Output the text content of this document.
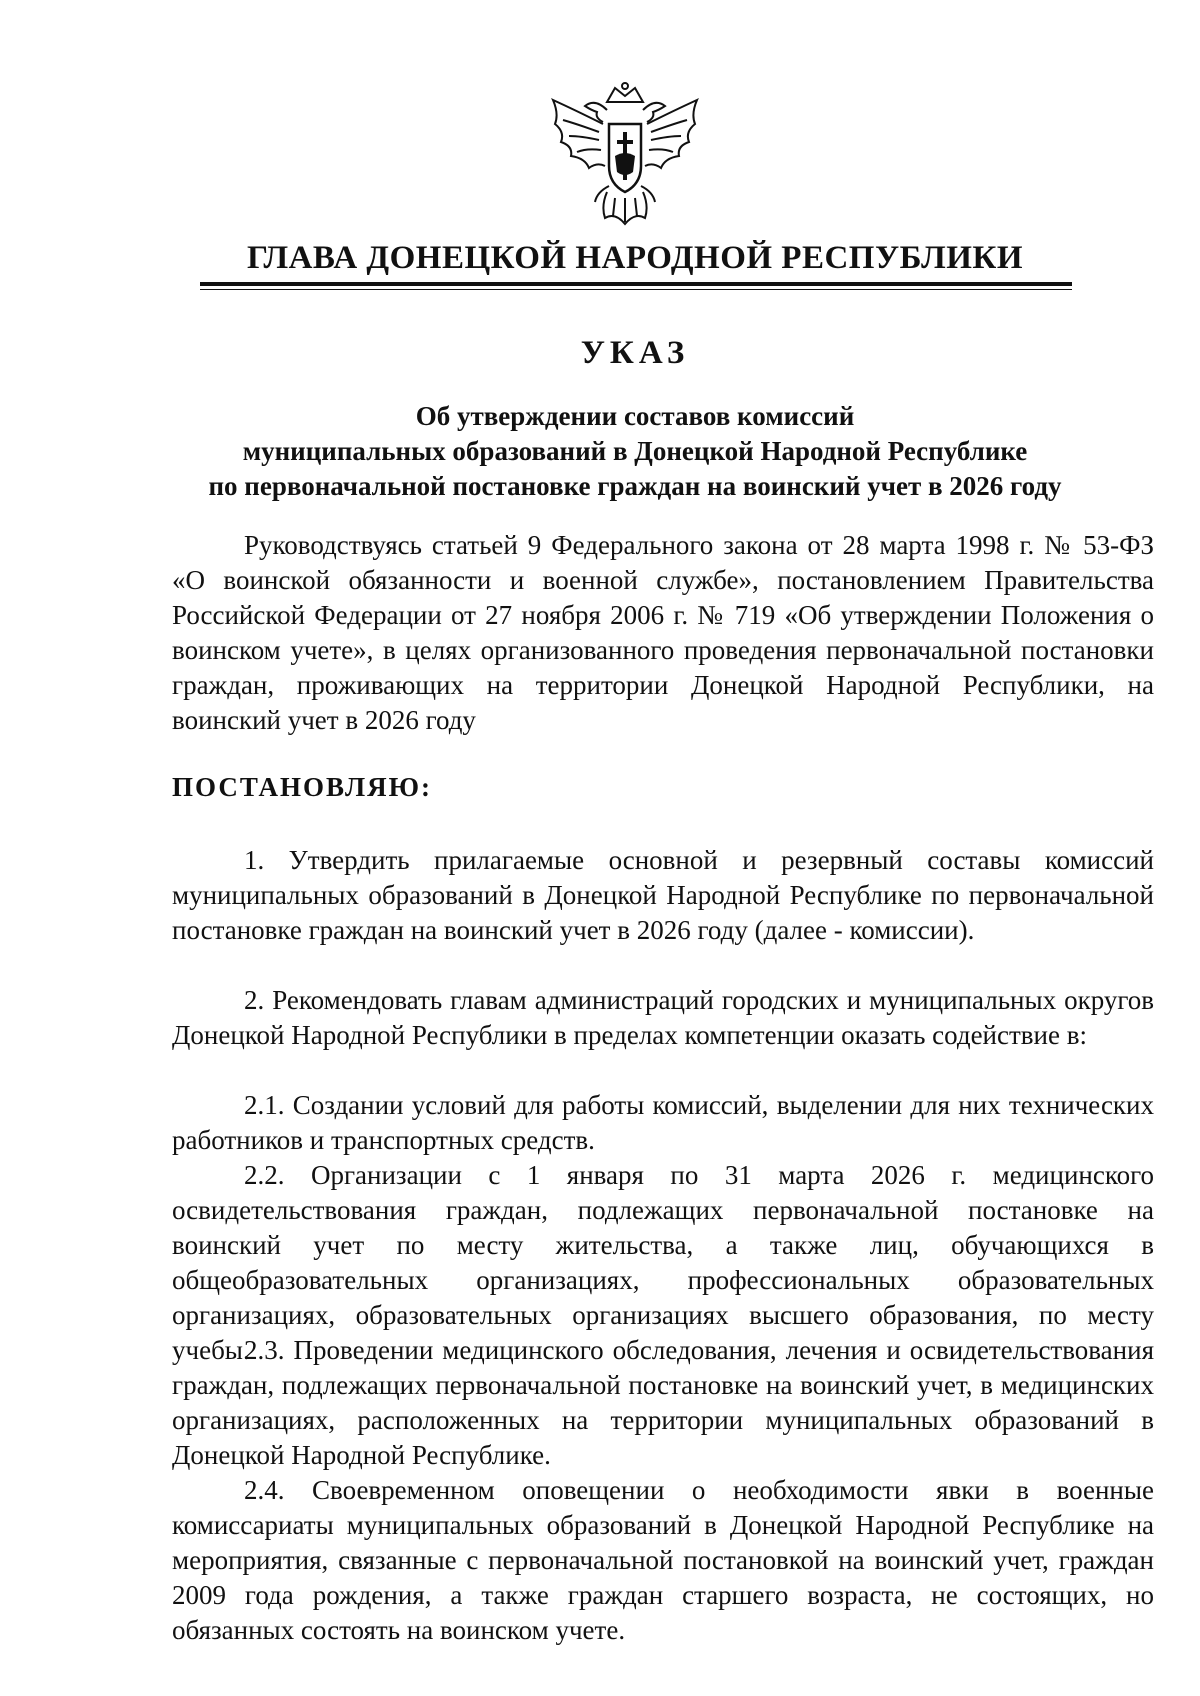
ГЛАВА ДОНЕЦКОЙ НАРОДНОЙ РЕСПУБЛИКИ
УКАЗ
Об утверждении составов комиссий
муниципальных образований в Донецкой Народной Республике
по первоначальной постановке граждан на воинский учет в 2026 году

Руководствуясь статьей 9 Федерального закона от 28 марта 1998 г. № 53-ФЗ «О воинской обязанности и военной службе», постановлением Правительства Российской Федерации от 27 ноября 2006 г. № 719 «Об утверждении Положения о воинском учете», в целях организованного проведения первоначальной постановки граждан, проживающих на территории Донецкой Народной Республики, на воинский учет в 2026 году

ПОСТАНОВЛЯЮ:

1. Утвердить прилагаемые основной и резервный составы комиссий муниципальных образований в Донецкой Народной Республике по первоначальной постановке граждан на воинский учет в 2026 году (далее - комиссии).

2. Рекомендовать главам администраций городских и муниципальных округов Донецкой Народной Республики в пределах компетенции оказать содействие в:

2.1. Создании условий для работы комиссий, выделении для них технических работников и транспортных средств.

2.2. Организации с 1 января по 31 марта 2026 г. медицинского освидетельствования граждан, подлежащих первоначальной постановке на воинский учет по месту жительства, а также лиц, обучающихся в общеобразовательных организациях, профессиональных образовательных организациях, образовательных организациях высшего образования, по месту учебы.

2.3. Проведении медицинского обследования, лечения и освидетельствования граждан, подлежащих первоначальной постановке на воинский учет, в медицинских организациях, расположенных на территории муниципальных образований в Донецкой Народной Республике.

2.4. Своевременном оповещении о необходимости явки в военные комиссариаты муниципальных образований в Донецкой Народной Республике на мероприятия, связанные с первоначальной постановкой на воинский учет, граждан 2009 года рождения, а также граждан старшего возраста, не состоящих, но обязанных состоять на воинском учете.
